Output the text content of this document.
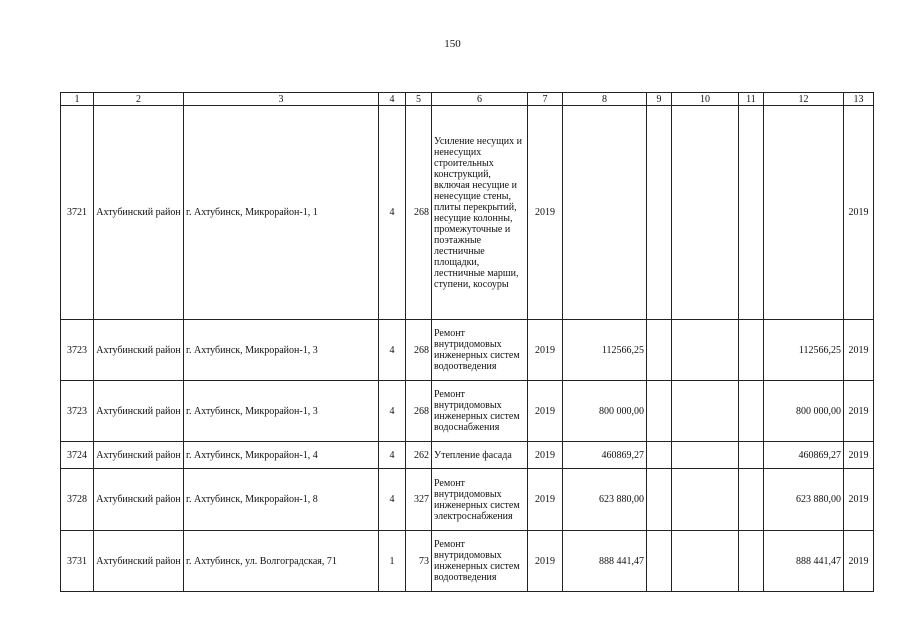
150
1	2	3	4	5	6	7	8	9	10	11	12	13
3721	Ахтубинский район	г. Ахтубинск, Микрорайон-1, 1	4	268	Усиление несущих и ненесущих строительных конструкций, включая несущие и ненесущие стены, плиты перекрытий, несущие колонны, промежуточные и поэтажные лестничные площадки, лестничные марши, ступени, косоуры	2019						2019
3723	Ахтубинский район	г. Ахтубинск, Микрорайон-1, 3	4	268	Ремонт внутридомовых инженерных систем водоотведения	2019	112566,25				112566,25	2019
3723	Ахтубинский район	г. Ахтубинск, Микрорайон-1, 3	4	268	Ремонт внутридомовых инженерных систем водоснабжения	2019	800 000,00				800 000,00	2019
3724	Ахтубинский район	г. Ахтубинск, Микрорайон-1, 4	4	262	Утепление фасада	2019	460869,27				460869,27	2019
3728	Ахтубинский район	г. Ахтубинск, Микрорайон-1, 8	4	327	Ремонт внутридомовых инженерных систем электроснабжения	2019	623 880,00				623 880,00	2019
3731	Ахтубинский район	г. Ахтубинск, ул. Волгоградская, 71	1	73	Ремонт внутридомовых инженерных систем водоотведения	2019	888 441,47				888 441,47	2019
